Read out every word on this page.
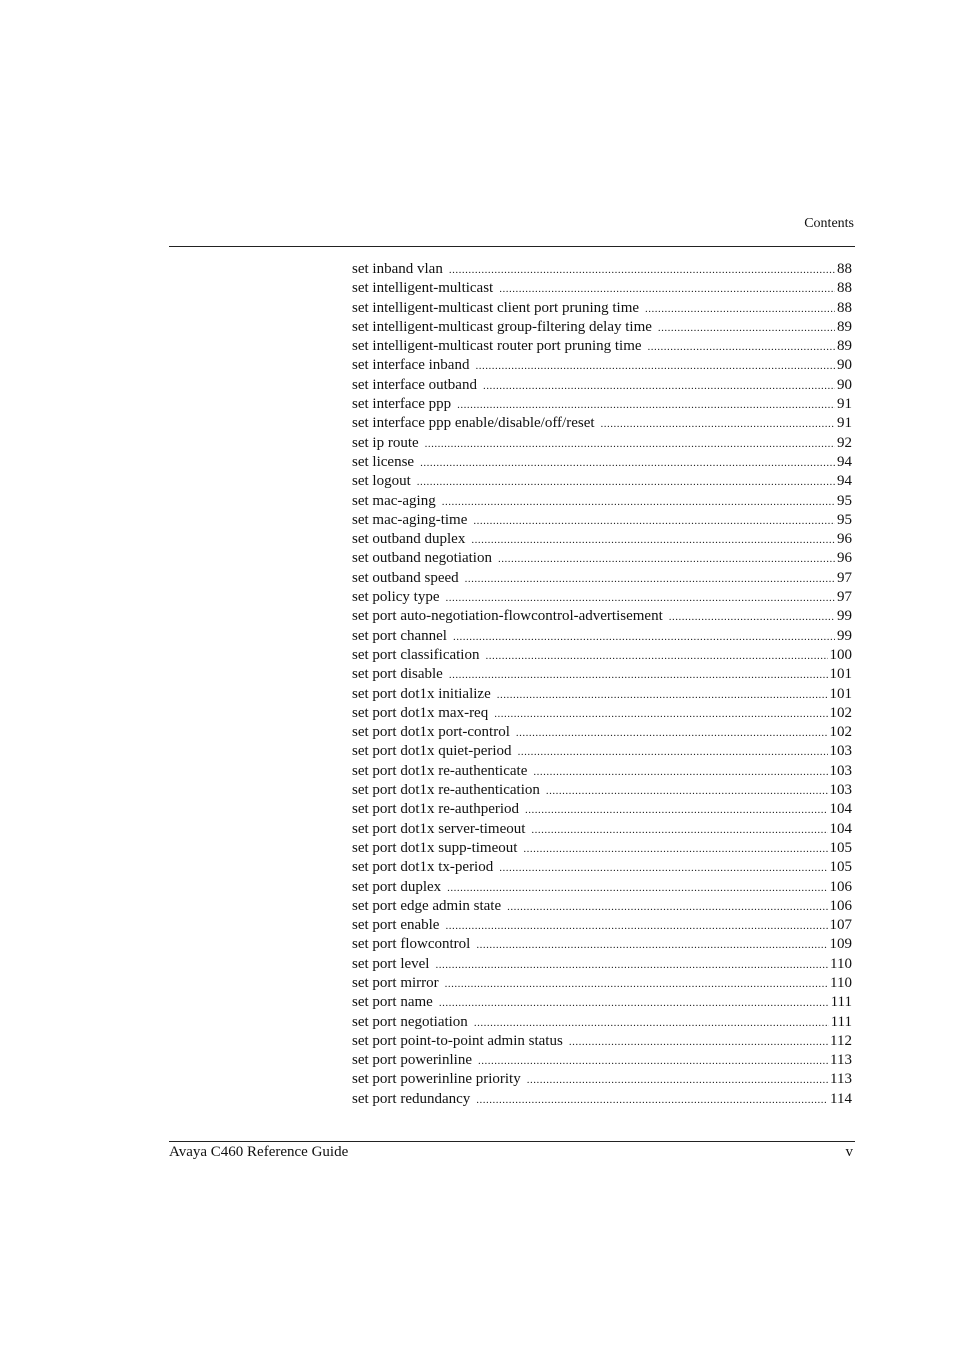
Contents
set inband vlan .....	88
set intelligent-multicast .....	88
set intelligent-multicast client port pruning time .....	88
set intelligent-multicast group-filtering delay time .....	89
set intelligent-multicast router port pruning time .....	89
set interface inband .....	90
set interface outband .....	90
set interface ppp .....	91
set interface ppp enable/disable/off/reset .....	91
set ip route .....	92
set license .....	94
set logout .....	94
set mac-aging .....	95
set mac-aging-time .....	95
set outband duplex .....	96
set outband negotiation .....	96
set outband speed .....	97
set policy type .....	97
set port auto-negotiation-flowcontrol-advertisement .....	99
set port channel .....	99
set port classification .....	100
set port disable .....	101
set port dot1x initialize .....	101
set port dot1x max-req .....	102
set port dot1x port-control .....	102
set port dot1x quiet-period .....	103
set port dot1x re-authenticate .....	103
set port dot1x re-authentication .....	103
set port dot1x re-authperiod .....	104
set port dot1x server-timeout .....	104
set port dot1x supp-timeout .....	105
set port dot1x tx-period .....	105
set port duplex .....	106
set port edge admin state .....	106
set port enable .....	107
set port flowcontrol .....	109
set port level .....	110
set port mirror .....	110
set port name .....	111
set port negotiation .....	111
set port point-to-point admin status .....	112
set port powerinline .....	113
set port powerinline priority .....	113
set port redundancy .....	114
Avaya C460 Reference Guide	v
